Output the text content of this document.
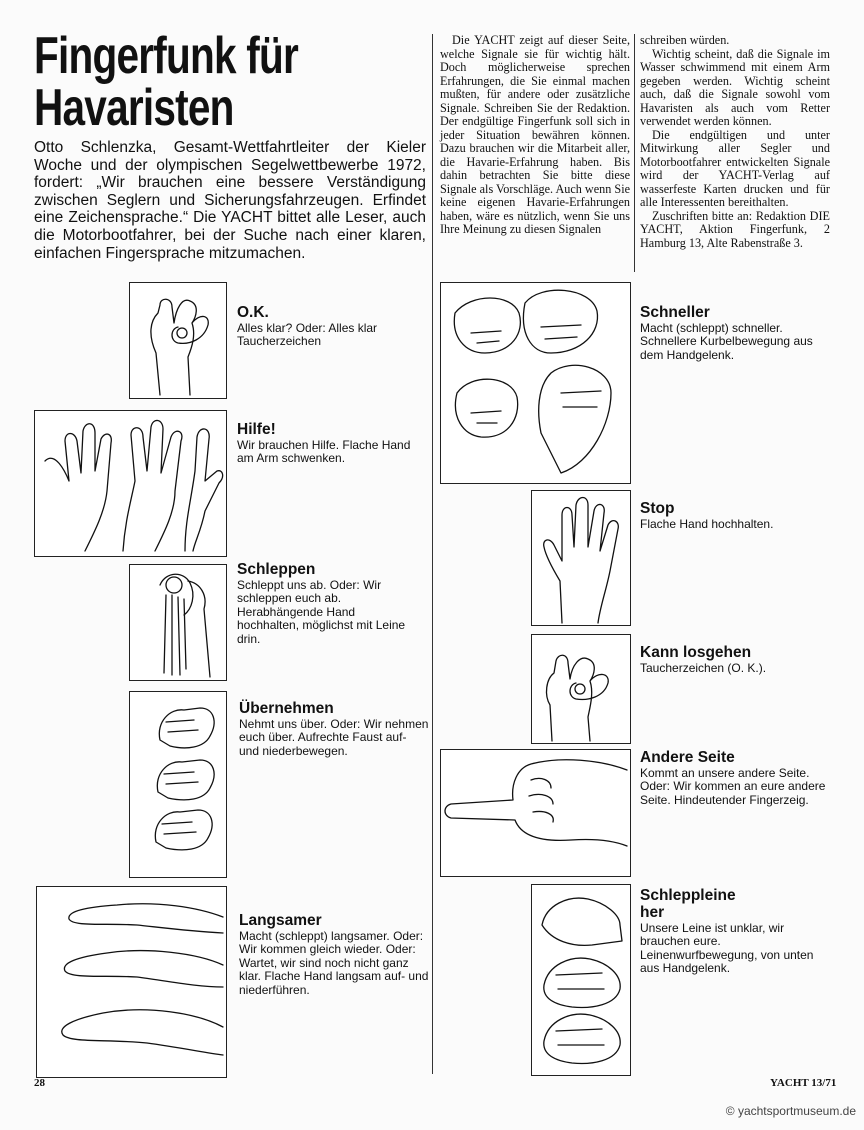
Fingerfunk für
Havaristen

Otto Schlenzka, Gesamt-Wettfahrtleiter der Kieler Woche und der olympischen Segelwettbewerbe 1972, fordert: „Wir brauchen eine bessere Verständigung zwischen Seglern und Sicherungsfahrzeugen. Erfindet eine Zeichensprache.“ Die YACHT bittet alle Leser, auch die Motorbootfahrer, bei der Suche nach einer klaren, einfachen Fingersprache mitzumachen.

Die YACHT zeigt auf dieser Seite, welche Signale sie für wichtig hält. Doch möglicherweise sprechen Erfahrungen, die Sie einmal machen mußten, für andere oder zusätzliche Signale. Schreiben Sie der Redaktion. Der endgültige Fingerfunk soll sich in jeder Situation bewähren können. Dazu brauchen wir die Mitarbeit aller, die Havarie-Erfahrung haben. Bis dahin betrachten Sie bitte diese Signale als Vorschläge. Auch wenn Sie keine eigenen Havarie-Erfahrungen haben, wäre es nützlich, wenn Sie uns Ihre Meinung zu diesen Signalen

schreiben würden.

Wichtig scheint, daß die Signale im Wasser schwimmend mit einem Arm gegeben werden. Wichtig scheint auch, daß die Signale sowohl vom Havaristen als auch vom Retter verwendet werden können.

Die endgültigen und unter Mitwirkung aller Segler und Motorbootfahrer entwickelten Signale wird der YACHT-Verlag auf wasserfeste Karten drucken und für alle Interessenten bereithalten.

Zuschriften bitte an: Redaktion DIE YACHT, Aktion Fingerfunk, 2 Hamburg 13, Alte Rabenstraße 3.

O.K.

Alles klar? Oder: Alles klar Taucherzeichen

Hilfe!

Wir brauchen Hilfe. Flache Hand am Arm schwenken.

Schleppen

Schleppt uns ab. Oder: Wir schleppen euch ab. Herabhängende Hand hochhalten, möglichst mit Leine drin.

Übernehmen

Nehmt uns über. Oder: Wir nehmen euch über. Aufrechte Faust auf- und niederbewegen.

Langsamer

Macht (schleppt) langsamer. Oder: Wir kommen gleich wieder. Oder: Wartet, wir sind noch nicht ganz klar. Flache Hand langsam auf- und niederführen.

Schneller

Macht (schleppt) schneller. Schnellere Kurbelbewegung aus dem Handgelenk.

Stop

Flache Hand hochhalten.

Kann losgehen

Taucherzeichen (O. K.).

Andere Seite

Kommt an unsere andere Seite. Oder: Wir kommen an eure andere Seite. Hindeutender Fingerzeig.

Schleppleine her

Unsere Leine ist unklar, wir brauchen eure. Leinenwurfbewegung, von unten aus Handgelenk.

28	YACHT 13/71
© yachtsportmuseum.de
